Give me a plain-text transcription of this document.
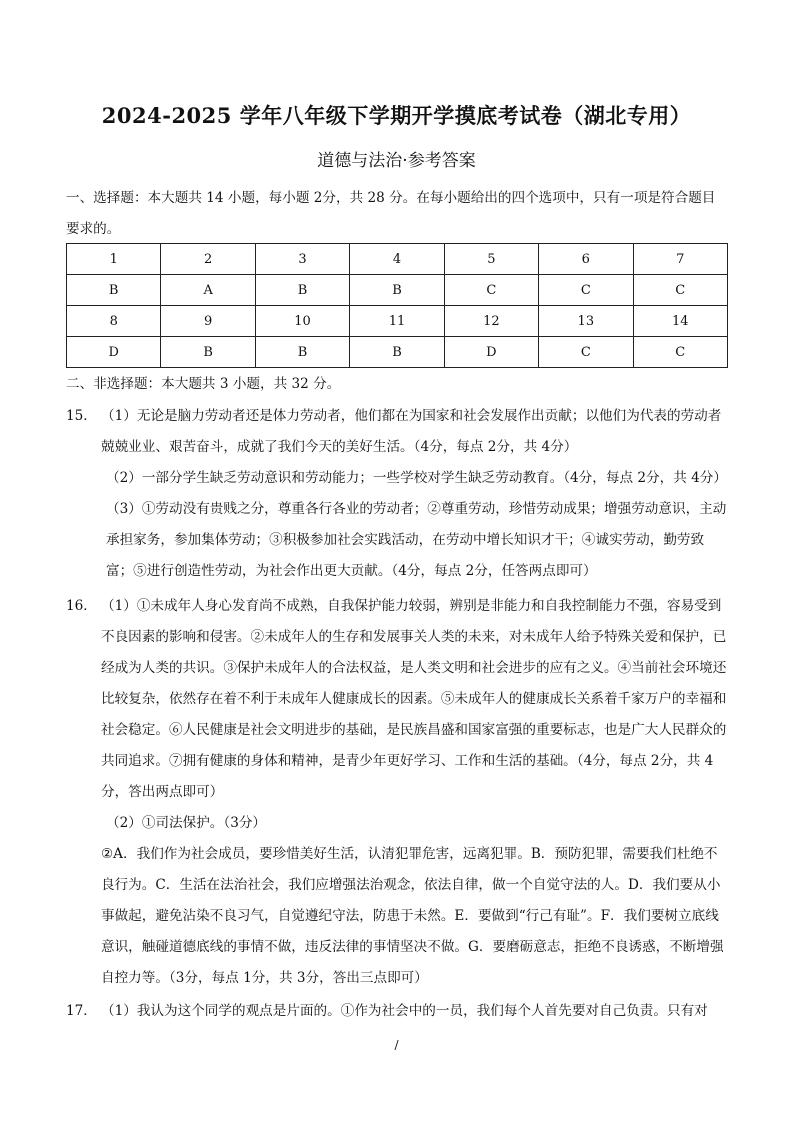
2024-2025 学年八年级下学期开学摸底考试卷（湖北专用）
道德与法治·参考答案
一、选择题：本大题共 14 小题，每小题 2分，共 28 分。在每小题给出的四个选项中，只有一项是符合题目要求的。
1	2	3	4	5	6	7
B	A	B	B	C	C	C
8	9	10	11	12	13	14
D	B	B	B	D	C	C
二、非选择题：本大题共 3 小题，共 32 分。
15． （1）无论是脑力劳动者还是体力劳动者，他们都在为国家和社会发展作出贡献；以他们为代表的劳动者兢兢业业、艰苦奋斗，成就了我们今天的美好生活。（4分，每点 2分，共 4分）
（2）一部分学生缺乏劳动意识和劳动能力；一些学校对学生缺乏劳动教育。（4分，每点 2分，共 4分）
（3）①劳动没有贵贱之分，尊重各行各业的劳动者；②尊重劳动，珍惜劳动成果；增强劳动意识，主动承担家务，参加集体劳动；③积极参加社会实践活动，在劳动中增长知识才干；④诚实劳动，勤劳致富；⑤进行创造性劳动，为社会作出更大贡献。（4分，每点 2分，任答两点即可）
16． （1）①未成年人身心发育尚不成熟，自我保护能力较弱，辨别是非能力和自我控制能力不强，容易受到不良因素的影响和侵害。②未成年人的生存和发展事关人类的未来，对未成年人给予特殊关爱和保护，已经成为人类的共识。③保护未成年人的合法权益，是人类文明和社会进步的应有之义。④当前社会环境还比较复杂，依然存在着不利于未成年人健康成长的因素。⑤未成年人的健康成长关系着千家万户的幸福和社会稳定。⑥人民健康是社会文明进步的基础，是民族昌盛和国家富强的重要标志，也是广大人民群众的共同追求。⑦拥有健康的身体和精神，是青少年更好学习、工作和生活的基础。（4分，每点 2分，共 4分，答出两点即可）
（2）①司法保护。（3分）
②A．我们作为社会成员，要珍惜美好生活，认清犯罪危害，远离犯罪。B．预防犯罪，需要我们杜绝不良行为。C．生活在法治社会，我们应增强法治观念，依法自律，做一个自觉守法的人。D．我们要从小事做起，避免沾染不良习气，自觉遵纪守法，防患于未然。E．要做到“行己有耻”。F．我们要树立底线意识，触碰道德底线的事情不做，违反法律的事情坚决不做。G．要磨砺意志，拒绝不良诱惑，不断增强自控力等。（3分，每点 1分，共 3分，答出三点即可）
17． （1）我认为这个同学的观点是片面的。①作为社会中的一员，我们每个人首先要对自己负责。只有对
/
